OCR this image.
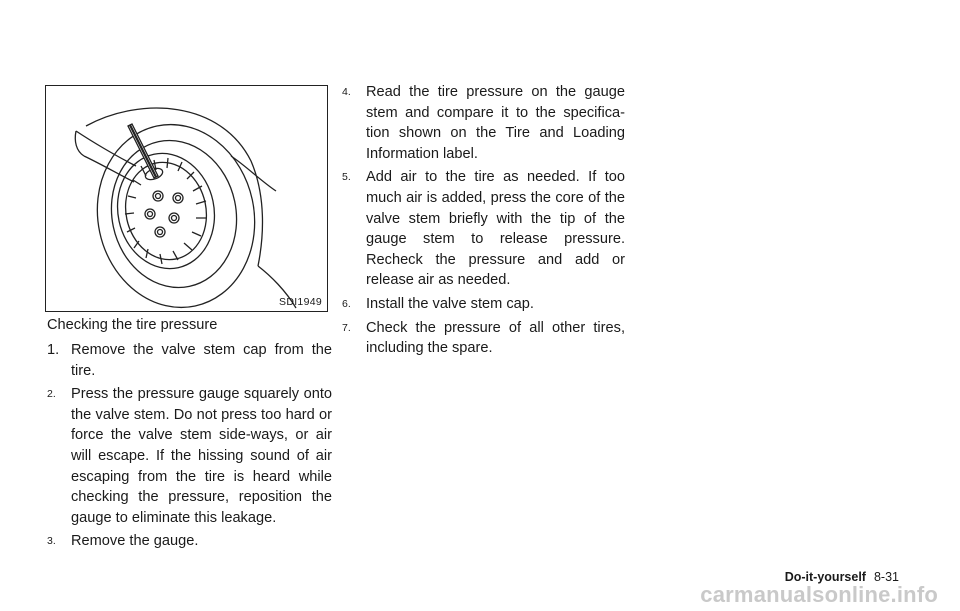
SDI1949
Checking the tire pressure
1. Remove the valve stem cap from the tire.
2. Press the pressure gauge squarely onto the valve stem. Do not press too hard or force the valve stem side-ways, or air will escape. If the hissing sound of air escaping from the tire is heard while checking the pressure, reposition the gauge to eliminate this leakage.
3. Remove the gauge.
4. Read the tire pressure on the gauge stem and compare it to the specifica-tion shown on the Tire and Loading Information label.
5. Add air to the tire as needed. If too much air is added, press the core of the valve stem briefly with the tip of the gauge stem to release pressure. Recheck the pressure and add or release air as needed.
6. Install the valve stem cap.
7. Check the pressure of all other tires, including the spare.
Do-it-yourself 8-31
carmanualsonline.info
